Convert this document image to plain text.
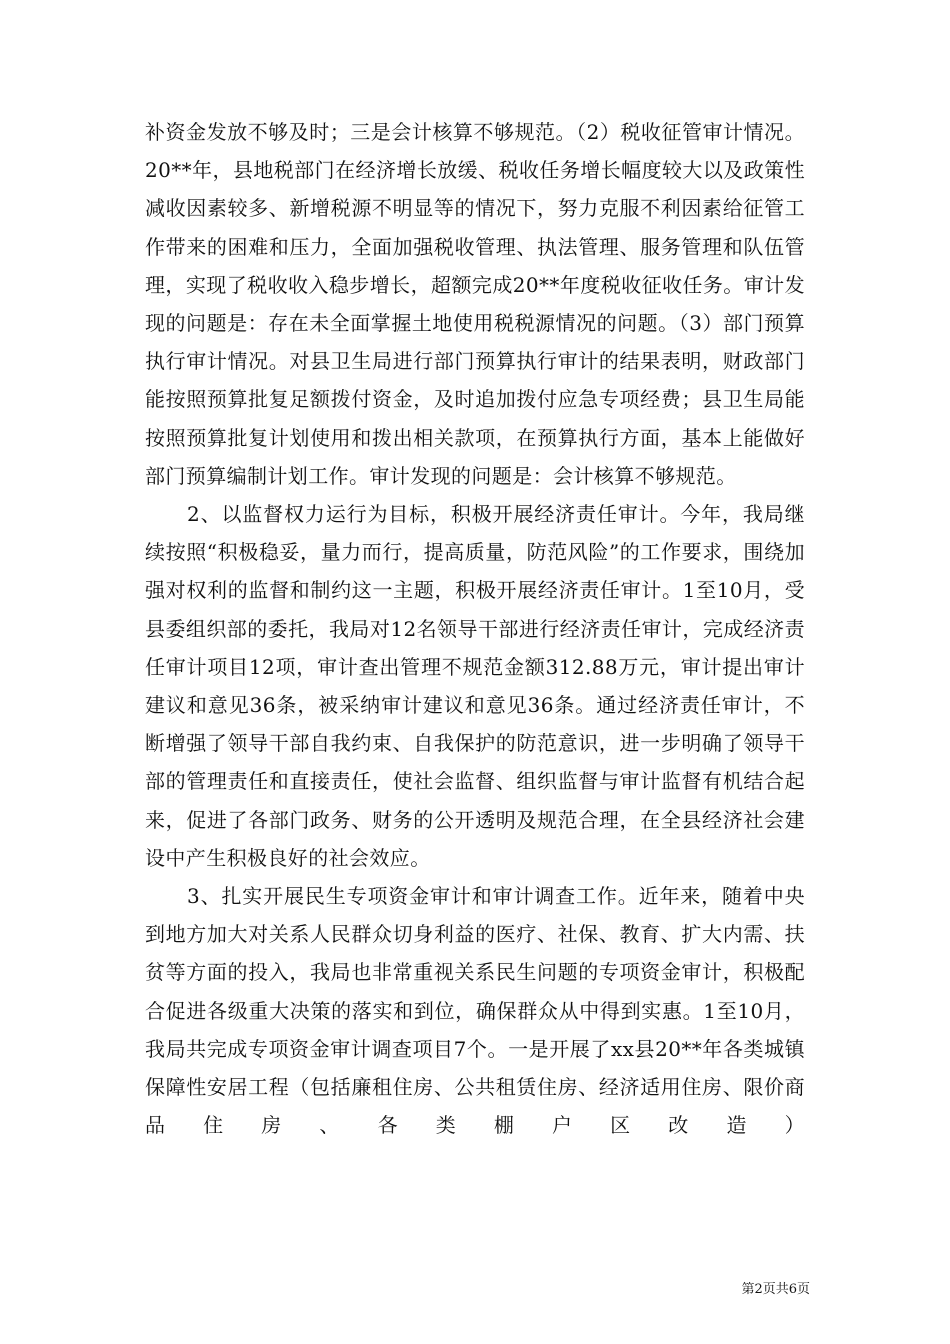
补资金发放不够及时；三是会计核算不够规范。（2）税收征管审计情况。20**年，县地税部门在经济增长放缓、税收任务增长幅度较大以及政策性减收因素较多、新增税源不明显等的情况下，努力克服不利因素给征管工作带来的困难和压力，全面加强税收管理、执法管理、服务管理和队伍管理，实现了税收收入稳步增长，超额完成20**年度税收征收任务。审计发现的问题是：存在未全面掌握土地使用税税源情况的问题。（3）部门预算执行审计情况。对县卫生局进行部门预算执行审计的结果表明，财政部门能按照预算批复足额拨付资金，及时追加拨付应急专项经费；县卫生局能按照预算批复计划使用和拨出相关款项，在预算执行方面，基本上能做好部门预算编制计划工作。审计发现的问题是：会计核算不够规范。

2、以监督权力运行为目标，积极开展经济责任审计。今年，我局继续按照“积极稳妥，量力而行，提高质量，防范风险”的工作要求，围绕加强对权利的监督和制约这一主题，积极开展经济责任审计。1至10月，受县委组织部的委托，我局对12名领导干部进行经济责任审计，完成经济责任审计项目12项，审计查出管理不规范金额312.88万元，审计提出审计建议和意见36条，被采纳审计建议和意见36条。通过经济责任审计，不断增强了领导干部自我约束、自我保护的防范意识，进一步明确了领导干部的管理责任和直接责任，使社会监督、组织监督与审计监督有机结合起来，促进了各部门政务、财务的公开透明及规范合理，在全县经济社会建设中产生积极良好的社会效应。

3、扎实开展民生专项资金审计和审计调查工作。近年来，随着中央到地方加大对关系人民群众切身利益的医疗、社保、教育、扩大内需、扶贫等方面的投入，我局也非常重视关系民生问题的专项资金审计，积极配合促进各级重大决策的落实和到位，确保群众从中得到实惠。1至10月，我局共完成专项资金审计调查项目7个。一是开展了xx县20**年各类城镇保障性安居工程（包括廉租住房、公共租赁住房、经济适用住房、限价商品住房、各类棚户区改造）

第2页共6页
